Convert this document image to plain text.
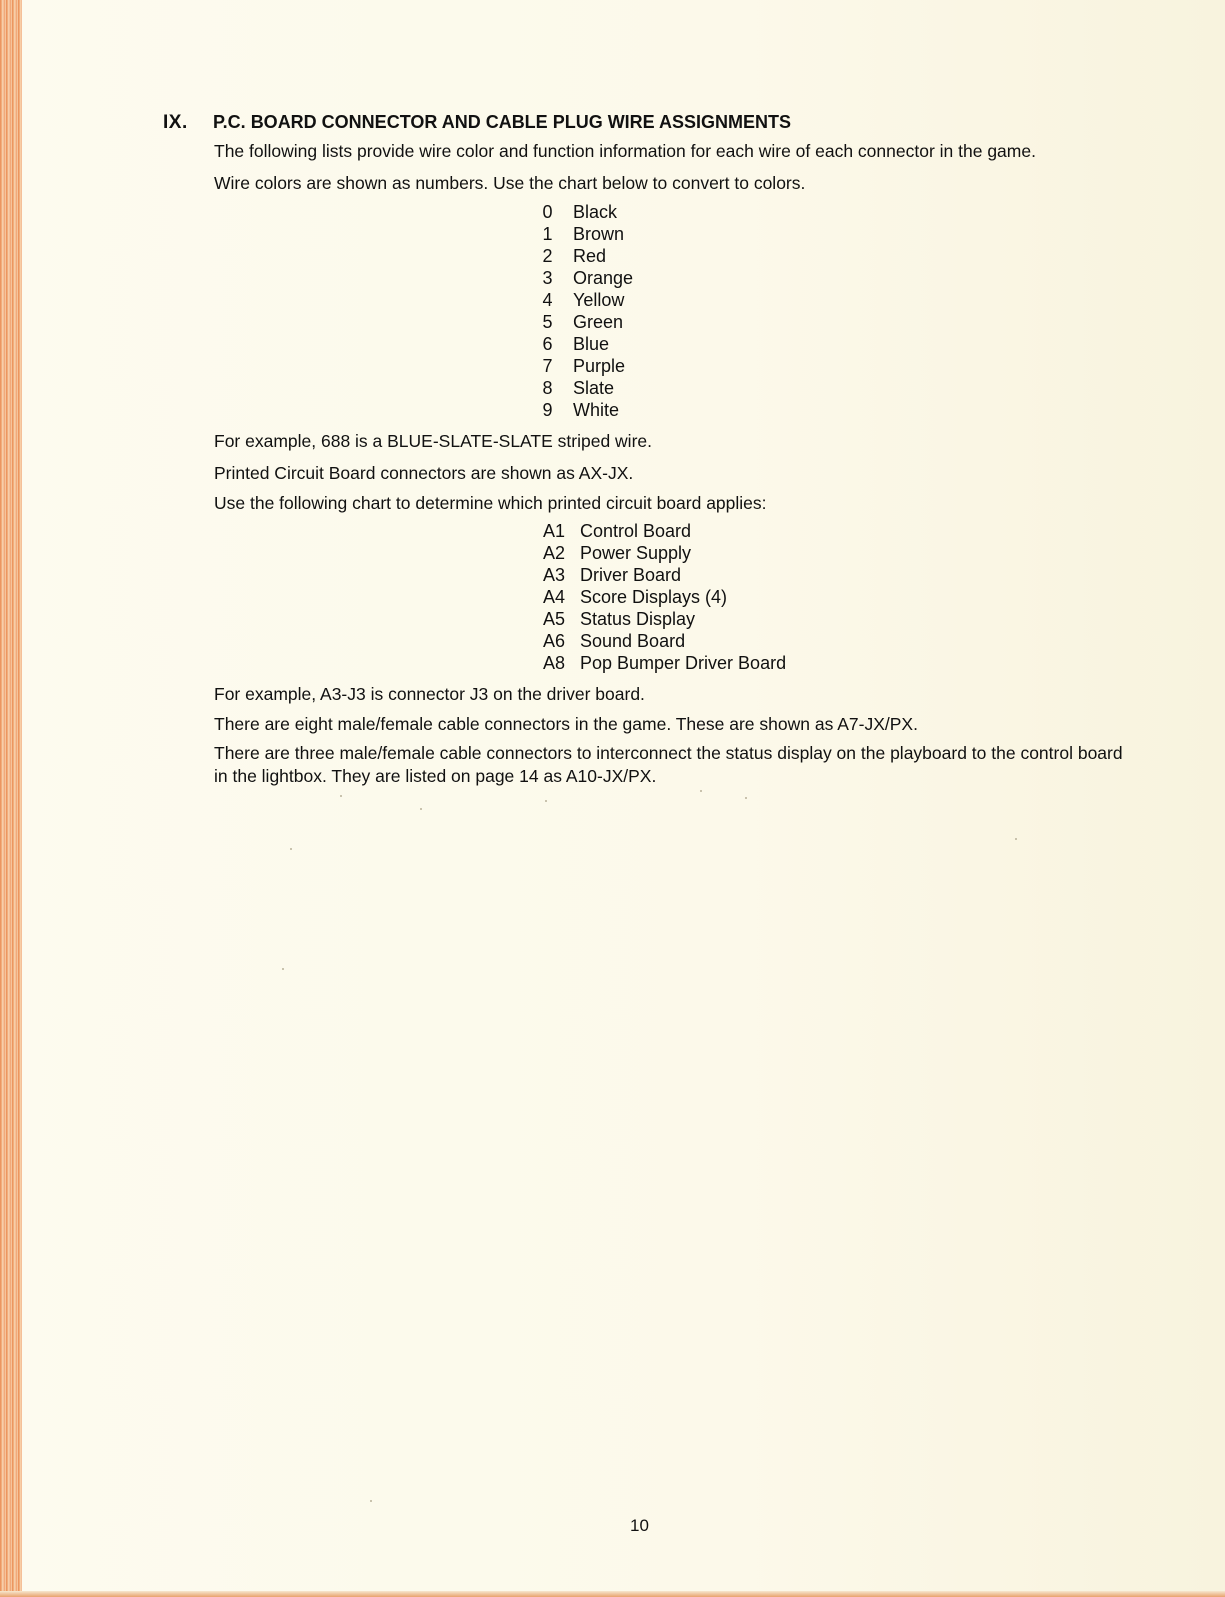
IX. P.C. BOARD CONNECTOR AND CABLE PLUG WIRE ASSIGNMENTS

The following lists provide wire color and function information for each wire of each connector in the game.

Wire colors are shown as numbers. Use the chart below to convert to colors.

0 Black
1 Brown
2 Red
3 Orange
4 Yellow
5 Green
6 Blue
7 Purple
8 Slate
9 White

For example, 688 is a BLUE-SLATE-SLATE striped wire.

Printed Circuit Board connectors are shown as AX-JX.

Use the following chart to determine which printed circuit board applies:

A1 Control Board
A2 Power Supply
A3 Driver Board
A4 Score Displays (4)
A5 Status Display
A6 Sound Board
A8 Pop Bumper Driver Board

For example, A3-J3 is connector J3 on the driver board.

There are eight male/female cable connectors in the game. These are shown as A7-JX/PX.

There are three male/female cable connectors to interconnect the status display on the playboard to the control board in the lightbox. They are listed on page 14 as A10-JX/PX.

10
